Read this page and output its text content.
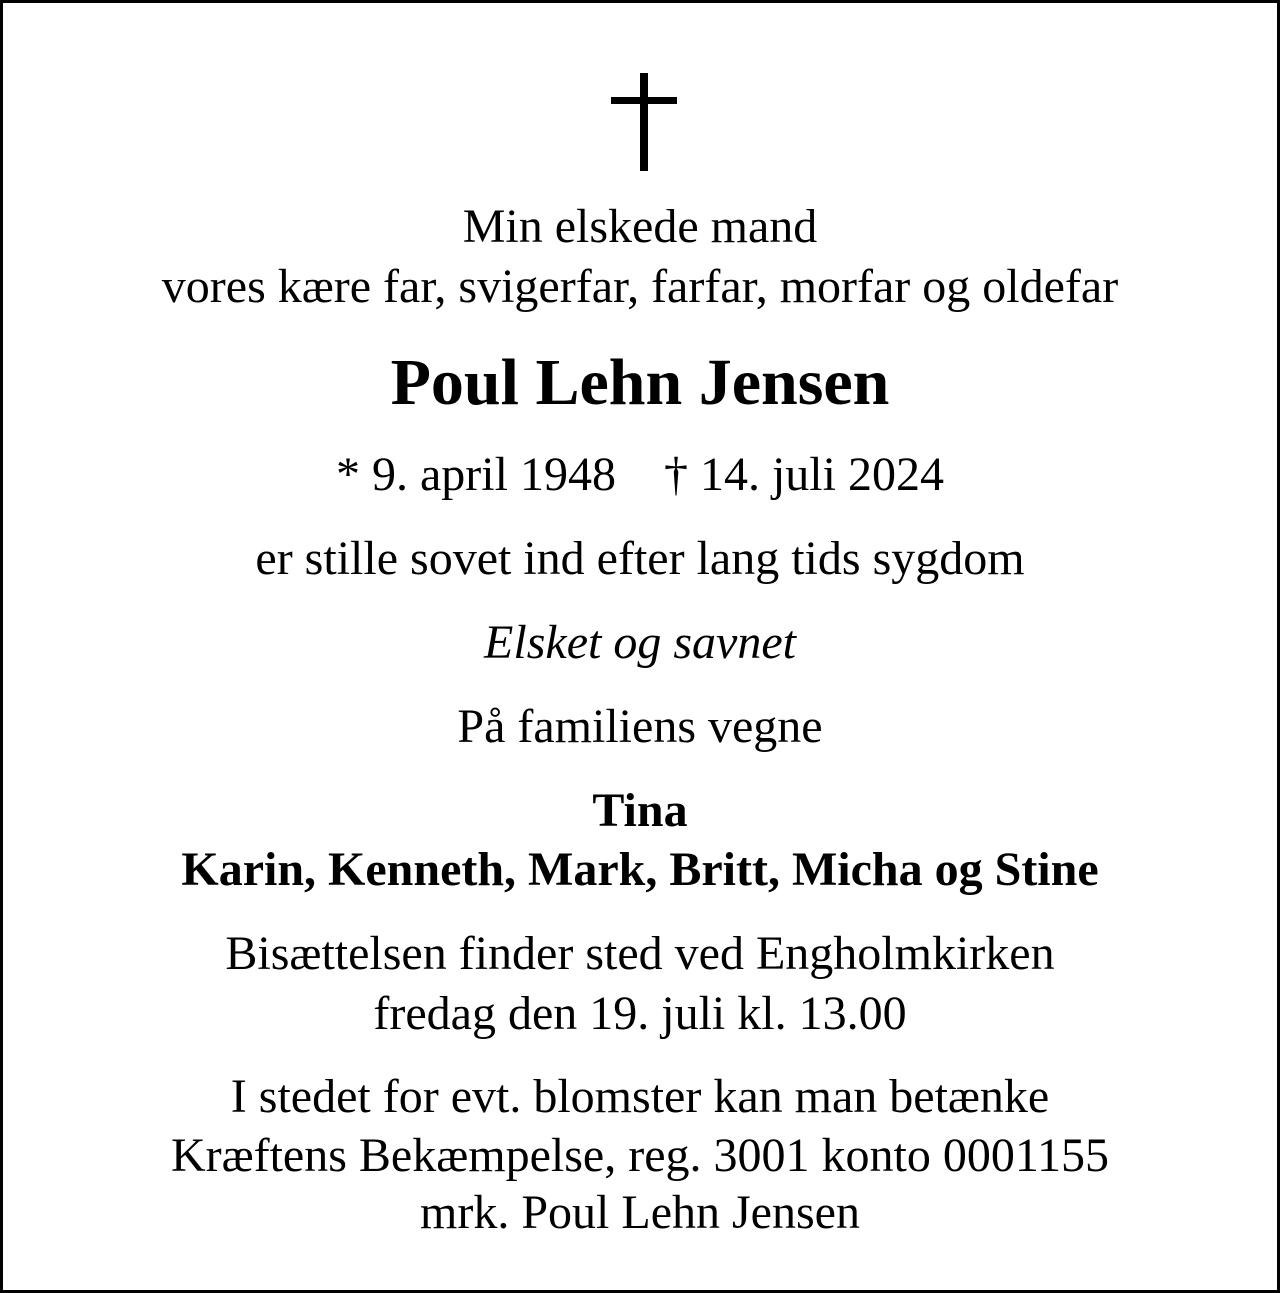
Min elskede mand
vores kære far, svigerfar, farfar, morfar og oldefar
Poul Lehn Jensen
* 9. april 1948 † 14. juli 2024
er stille sovet ind efter lang tids sygdom
Elsket og savnet
På familiens vegne
Tina
Karin, Kenneth, Mark, Britt, Micha og Stine
Bisættelsen finder sted ved Engholmkirken
fredag den 19. juli kl. 13.00
I stedet for evt. blomster kan man betænke
Kræftens Bekæmpelse, reg. 3001 konto 0001155
mrk. Poul Lehn Jensen
